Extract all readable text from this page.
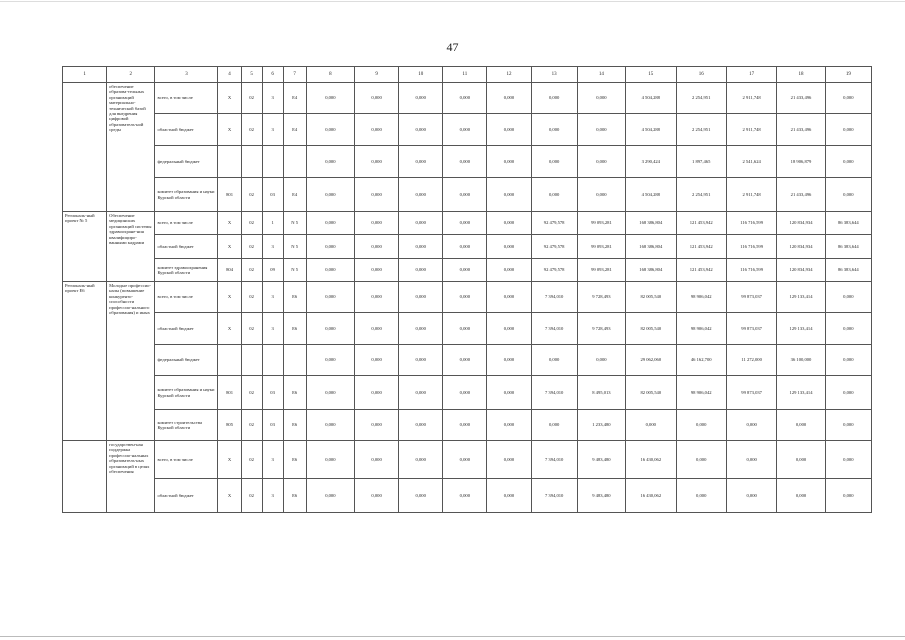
47
1	2	3	4	5	6	7	8	9	10	11	12	13	14	15	16	17	18	19
	обеспечение образова-тельных организаций материально-технической базой для внедрения цифровой образователь-ной среды	всего, в том числе	X	02	3	E4	0,000	0,000	0,000	0,000	0,000	0,000	0,000	4 504,288	2 254,951	2 911,748	21 433,496	0,000
		областной бюджет	X	02	3	E4	0,000	0,000	0,000	0,000	0,000	0,000	0,000	4 504,288	2 254,951	2 911,748	21 433,496	0,000
		федеральный бюджет					0,000	0,000	0,000	0,000	0,000	0,000	0,000	3 290,424	1 897,465	2 541,624	18 906,879	0,000
		комитет образования и науки Курской области	801	02	03	E4	0,000	0,000	0,000	0,000	0,000	0,000	0,000	4 504,288	2 254,951	2 911,748	21 433,496	0,000
Региональ-ный проект № 5	Обеспечение медицинских организаций системы здравоохране-ния квалифициро-ванными кадрами	всего, в том числе	X	02	1	N 5	0,000	0,000	0,000	0,000	0,000	92 479,578	99 093,281	168 386,804	121 453,942	116 716,599	120 834,934	86 383,644
		областной бюджет	X	02	3	N 5	0,000	0,000	0,000	0,000	0,000	92 479,578	99 093,281	168 386,804	121 453,942	116 716,599	120 834,934	86 383,644
		комитет здравоохранения Курской области	804	02	09	N 5	0,000	0,000	0,000	0,000	0,000	92 479,578	99 093,281	168 386,804	121 453,942	116 716,599	120 834,934	86 383,644
Региональ-ный проект E6	Молодые профессио-налы (повышение конкуренто-способности профессио-нального образования) и иных	всего, в том числе	X	02	3	E6	0,000	0,000	0,000	0,000	0,000	7 394,010	9 728,493	82 005,540	98 906,042	99 873,037	129 133,414	0,000
		областной бюджет	X	02	3	E6	0,000	0,000	0,000	0,000	0,000	7 394,010	9 728,493	82 005,540	98 906,042	99 873,037	129 133,414	0,000
		федеральный бюджет					0,000	0,000	0,000	0,000	0,000	0,000	0,000	29 062,060	46 162,700	11 272,000	36 100,000	0,000
		комитет образования и науки Курской области	801	02	03	E6	0,000	0,000	0,000	0,000	0,000	7 394,010	8 495,013	82 005,540	98 906,042	99 873,037	129 133,414	0,000
		комитет строительства Курской области	805	02	03	E6	0,000	0,000	0,000	0,000	0,000	0,000	1 233,480	0,000	0,000	0,000	0,000	0,000
	государствен-ная поддержка профессио-нальных образователь-ных организаций в целях обеспечения	всего, в том числе	X	02	3	E6	0,000	0,000	0,000	0,000	0,000	7 394,010	9 483,480	16 430,062	0,000	0,000	0,000	0,000
		областной бюджет	X	02	3	E6	0,000	0,000	0,000	0,000	0,000	7 394,010	9 483,480	16 430,062	0,000	0,000	0,000	0,000
